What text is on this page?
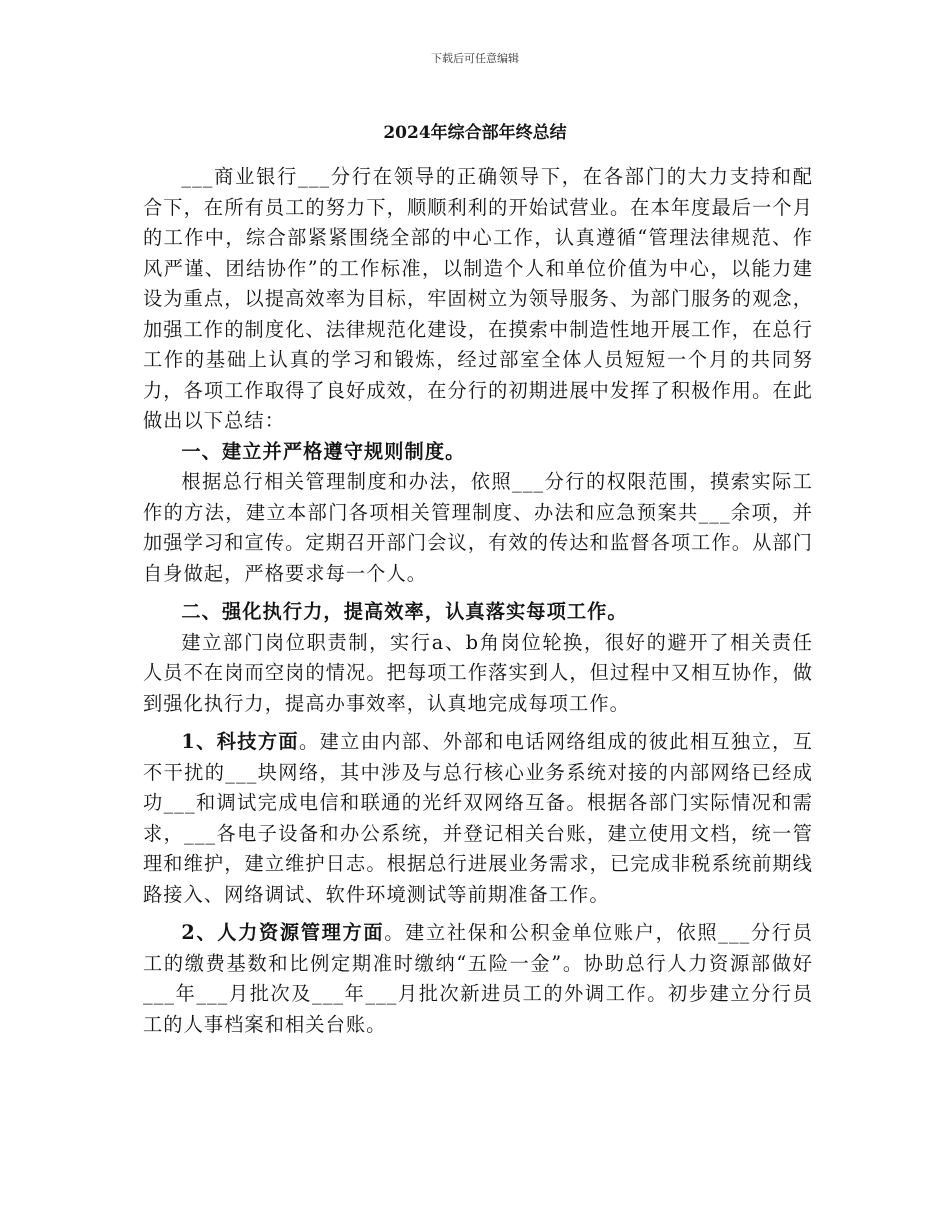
下载后可任意编辑
2024年综合部年终总结

___商业银行___分行在领导的正确领导下，在各部门的大力支持和配合下，在所有员工的努力下，顺顺利利的开始试营业。在本年度最后一个月的工作中，综合部紧紧围绕全部的中心工作，认真遵循“管理法律规范、作风严谨、团结协作”的工作标准，以制造个人和单位价值为中心，以能力建设为重点，以提高效率为目标，牢固树立为领导服务、为部门服务的观念，加强工作的制度化、法律规范化建设，在摸索中制造性地开展工作，在总行工作的基础上认真的学习和锻炼，经过部室全体人员短短一个月的共同努力，各项工作取得了良好成效，在分行的初期进展中发挥了积极作用。在此做出以下总结：

一、建立并严格遵守规则制度。

根据总行相关管理制度和办法，依照___分行的权限范围，摸索实际工作的方法，建立本部门各项相关管理制度、办法和应急预案共___余项，并加强学习和宣传。定期召开部门会议，有效的传达和监督各项工作。从部门自身做起，严格要求每一个人。

二、强化执行力，提高效率，认真落实每项工作。

建立部门岗位职责制，实行a、b角岗位轮换，很好的避开了相关责任人员不在岗而空岗的情况。把每项工作落实到人，但过程中又相互协作，做到强化执行力，提高办事效率，认真地完成每项工作。

1、科技方面。建立由内部、外部和电话网络组成的彼此相互独立，互不干扰的___块网络，其中涉及与总行核心业务系统对接的内部网络已经成功___和调试完成电信和联通的光纤双网络互备。根据各部门实际情况和需求，___各电子设备和办公系统，并登记相关台账，建立使用文档，统一管理和维护，建立维护日志。根据总行进展业务需求，已完成非税系统前期线路接入、网络调试、软件环境测试等前期准备工作。

2、人力资源管理方面。建立社保和公积金单位账户，依照___分行员工的缴费基数和比例定期准时缴纳“五险一金”。协助总行人力资源部做好___年___月批次及___年___月批次新进员工的外调工作。初步建立分行员工的人事档案和相关台账。
